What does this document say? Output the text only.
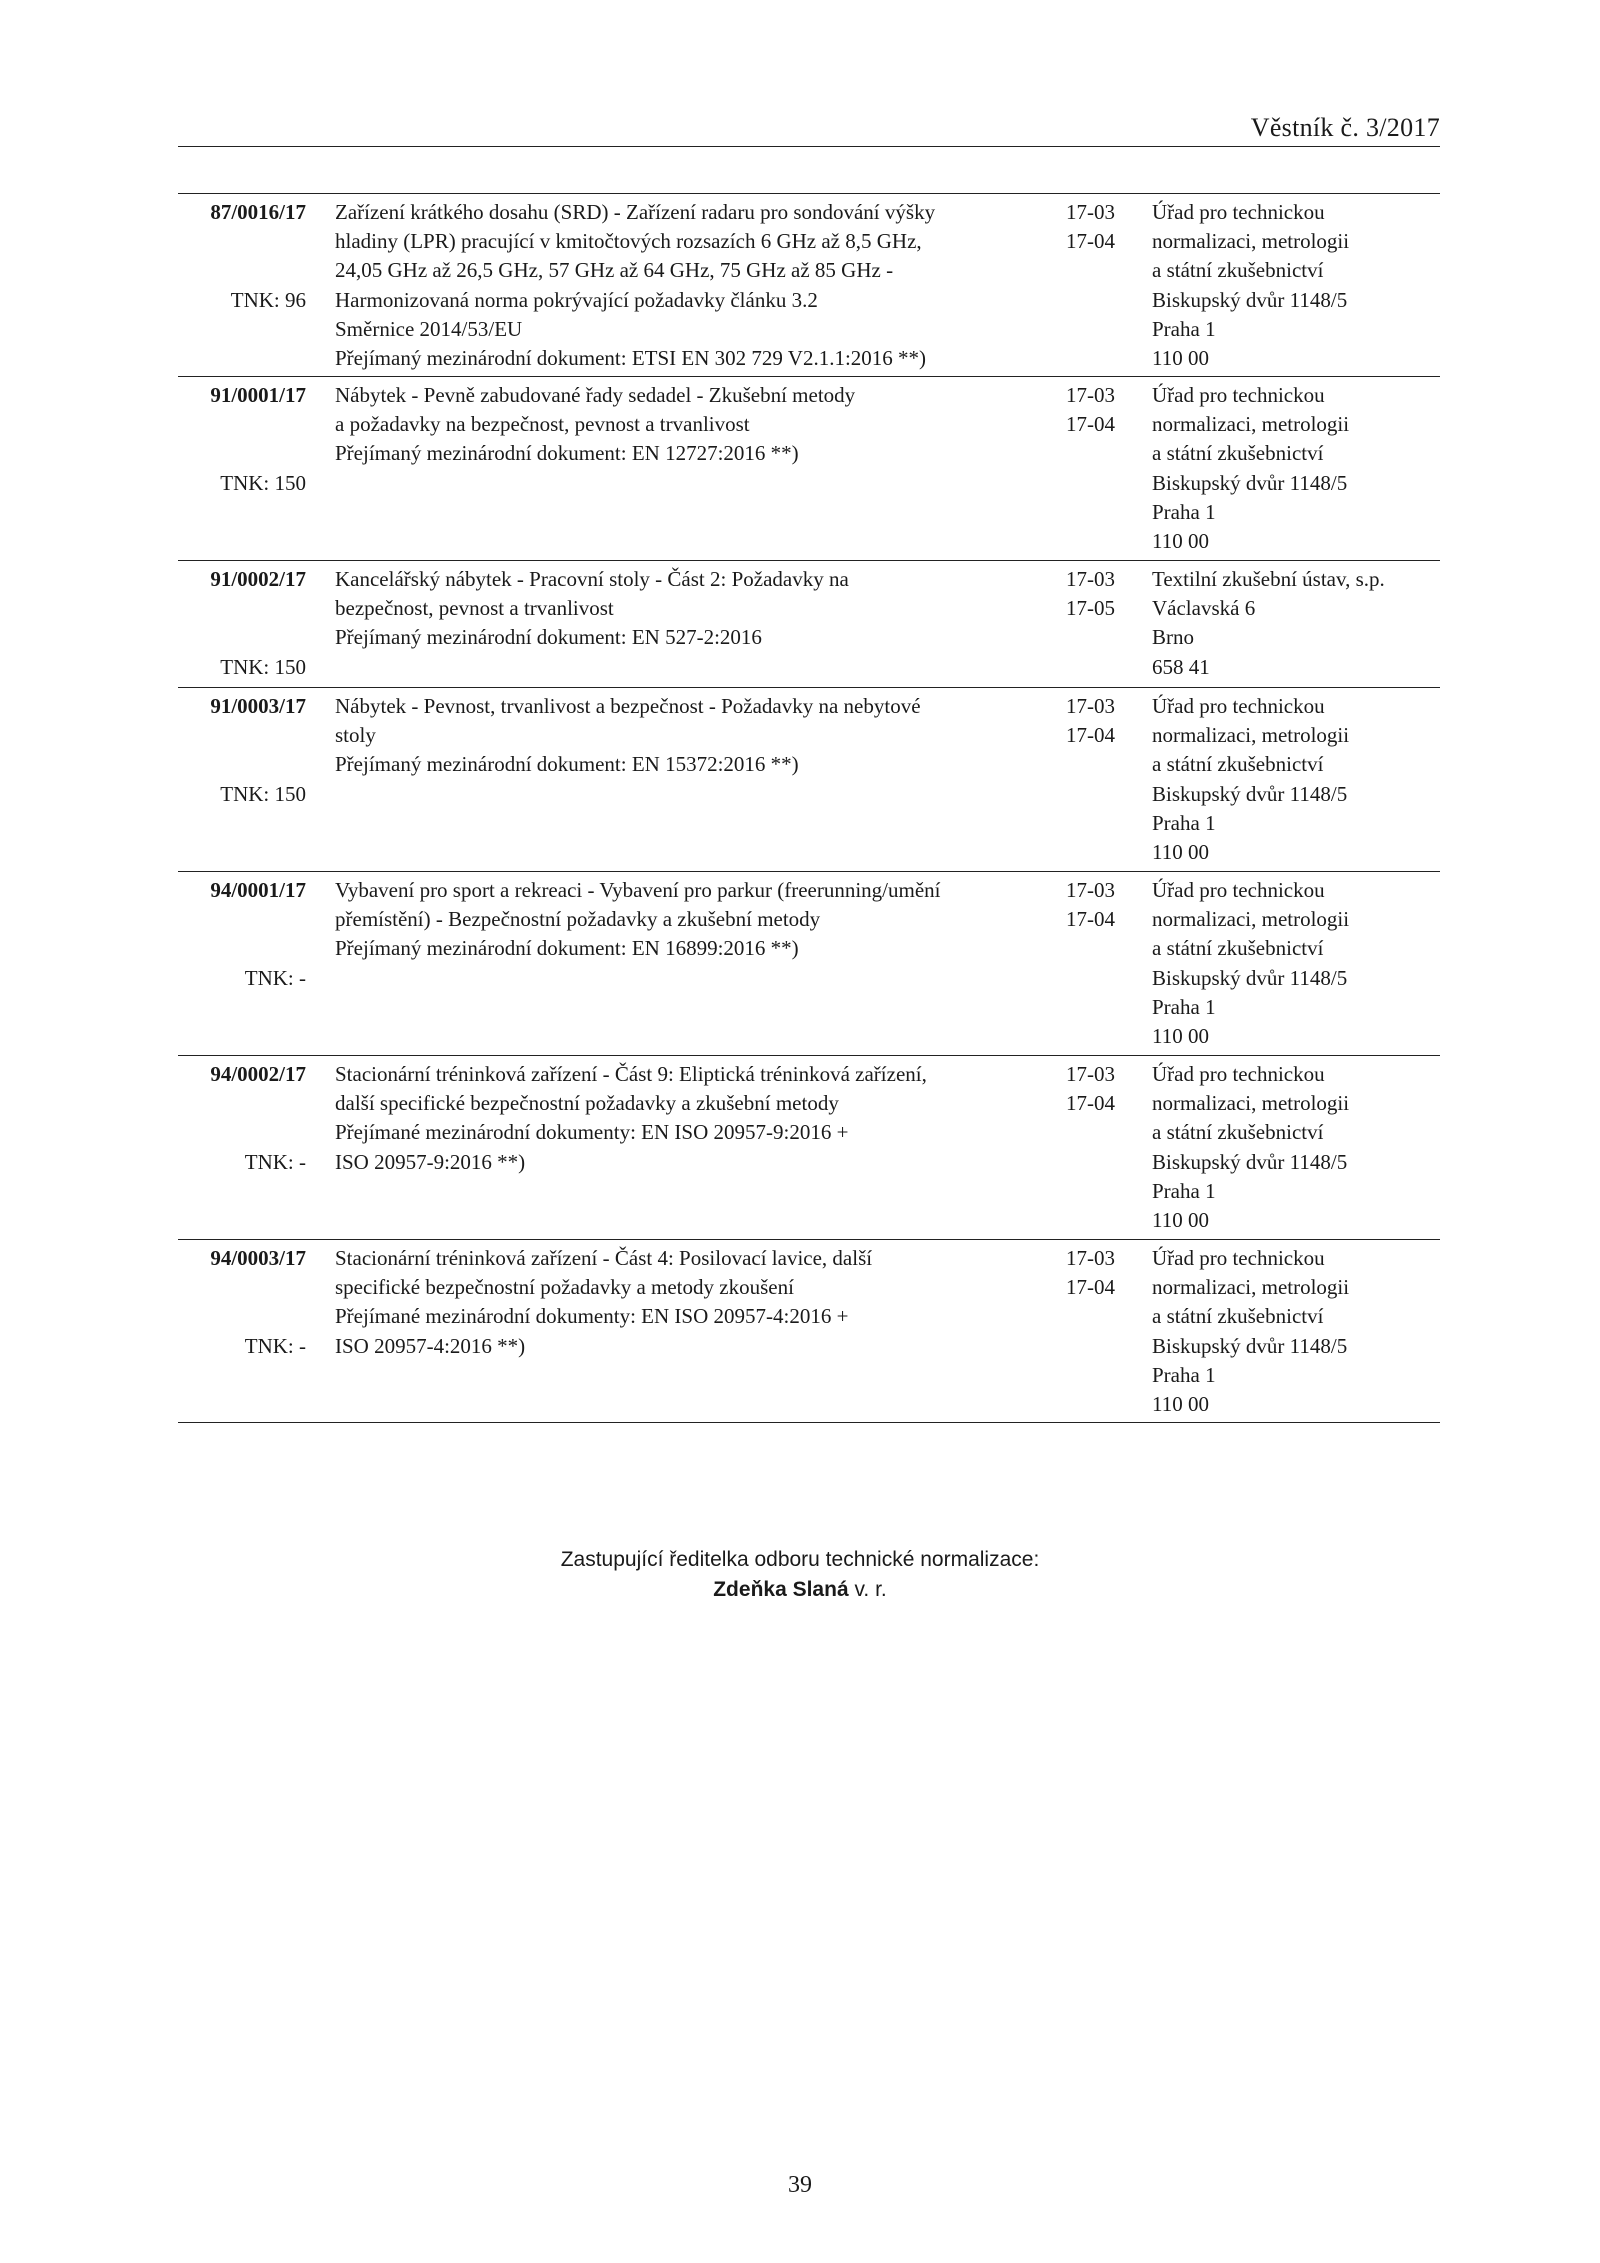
Věstník č. 3/2017
87/0016/17
TNK: 96
Zařízení krátkého dosahu (SRD) - Zařízení radaru pro sondování výšky
hladiny (LPR) pracující v kmitočtových rozsazích 6 GHz až 8,5 GHz,
24,05 GHz až 26,5 GHz, 57 GHz až 64 GHz, 75 GHz až 85 GHz -
Harmonizovaná norma pokrývající požadavky článku 3.2
Směrnice 2014/53/EU
Přejímaný mezinárodní dokument: ETSI EN 302 729 V2.1.1:2016 **)
17-03
17-04
Úřad pro technickou
normalizaci, metrologii
a státní zkušebnictví
Biskupský dvůr 1148/5
Praha 1
110 00
91/0001/17
TNK: 150
Nábytek - Pevně zabudované řady sedadel - Zkušební metody
a požadavky na bezpečnost, pevnost a trvanlivost
Přejímaný mezinárodní dokument: EN 12727:2016 **)
17-03
17-04
Úřad pro technickou
normalizaci, metrologii
a státní zkušebnictví
Biskupský dvůr 1148/5
Praha 1
110 00
91/0002/17
TNK: 150
Kancelářský nábytek - Pracovní stoly - Část 2: Požadavky na
bezpečnost, pevnost a trvanlivost
Přejímaný mezinárodní dokument: EN 527-2:2016
17-03
17-05
Textilní zkušební ústav, s.p.
Václavská 6
Brno
658 41
91/0003/17
TNK: 150
Nábytek - Pevnost, trvanlivost a bezpečnost - Požadavky na nebytové
stoly
Přejímaný mezinárodní dokument: EN 15372:2016 **)
17-03
17-04
Úřad pro technickou
normalizaci, metrologii
a státní zkušebnictví
Biskupský dvůr 1148/5
Praha 1
110 00
94/0001/17
TNK: -
Vybavení pro sport a rekreaci - Vybavení pro parkur (freerunning/umění
přemístění) - Bezpečnostní požadavky a zkušební metody
Přejímaný mezinárodní dokument: EN 16899:2016 **)
17-03
17-04
Úřad pro technickou
normalizaci, metrologii
a státní zkušebnictví
Biskupský dvůr 1148/5
Praha 1
110 00
94/0002/17
TNK: -
Stacionární tréninková zařízení - Část 9: Eliptická tréninková zařízení,
další specifické bezpečnostní požadavky a zkušební metody
Přejímané mezinárodní dokumenty: EN ISO 20957-9:2016 +
ISO 20957-9:2016 **)
17-03
17-04
Úřad pro technickou
normalizaci, metrologii
a státní zkušebnictví
Biskupský dvůr 1148/5
Praha 1
110 00
94/0003/17
TNK: -
Stacionární tréninková zařízení - Část 4: Posilovací lavice, další
specifické bezpečnostní požadavky a metody zkoušení
Přejímané mezinárodní dokumenty: EN ISO 20957-4:2016 +
ISO 20957-4:2016 **)
17-03
17-04
Úřad pro technickou
normalizaci, metrologii
a státní zkušebnictví
Biskupský dvůr 1148/5
Praha 1
110 00
Zastupující ředitelka odboru technické normalizace:
Zdeňka Slaná v. r.
39
